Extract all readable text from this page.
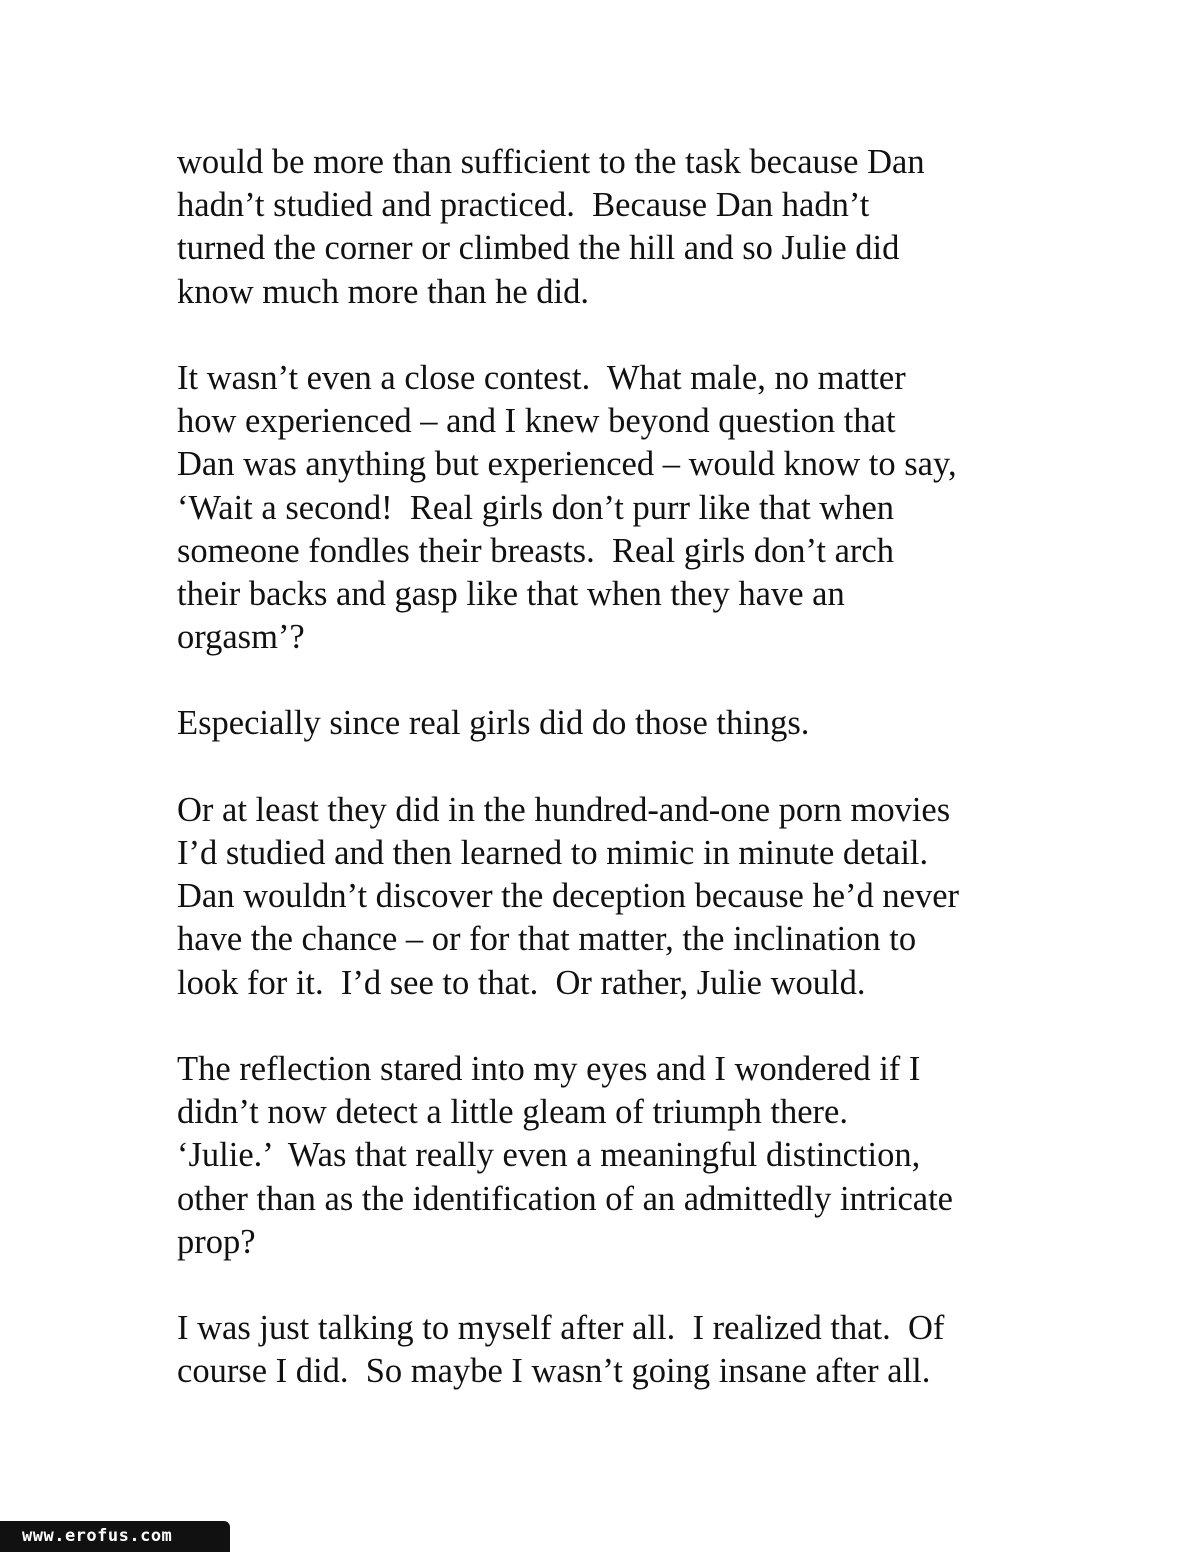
would be more than sufficient to the task because Dan
hadn’t studied and practiced.  Because Dan hadn’t
turned the corner or climbed the hill and so Julie did
know much more than he did.
It wasn’t even a close contest.  What male, no matter
how experienced – and I knew beyond question that
Dan was anything but experienced – would know to say,
‘Wait a second!  Real girls don’t purr like that when
someone fondles their breasts.  Real girls don’t arch
their backs and gasp like that when they have an
orgasm’?
Especially since real girls did do those things.
Or at least they did in the hundred-and-one porn movies
I’d studied and then learned to mimic in minute detail.
Dan wouldn’t discover the deception because he’d never
have the chance – or for that matter, the inclination to
look for it.  I’d see to that.  Or rather, Julie would.
The reflection stared into my eyes and I wondered if I
didn’t now detect a little gleam of triumph there.
‘Julie.’  Was that really even a meaningful distinction,
other than as the identification of an admittedly intricate
prop?
I was just talking to myself after all.  I realized that.  Of
course I did.  So maybe I wasn’t going insane after all.
www.erofus.com
